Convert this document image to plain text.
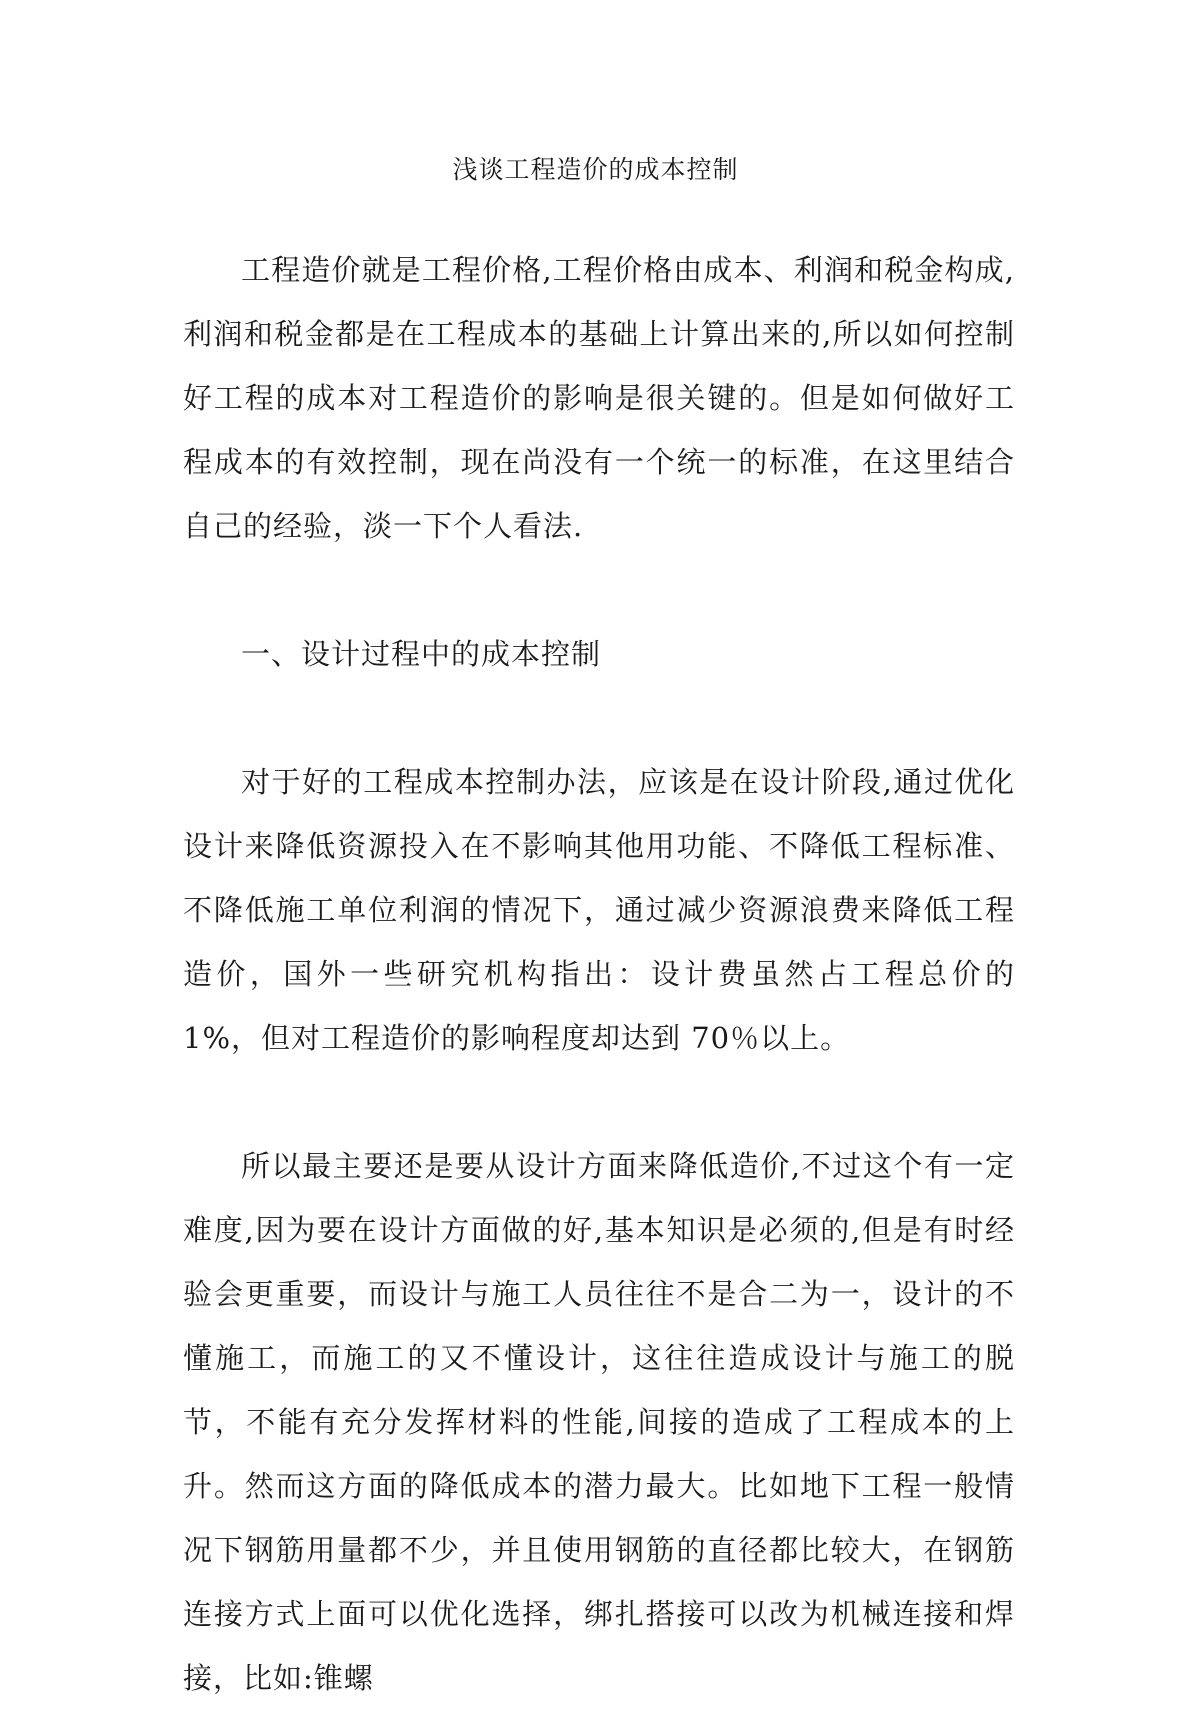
浅谈工程造价的成本控制

工程造价就是工程价格,工程价格由成本、利润和税金构成,利润和税金都是在工程成本的基础上计算出来的,所以如何控制好工程的成本对工程造价的影响是很关键的。但是如何做好工程成本的有效控制，现在尚没有一个统一的标准，在这里结合自己的经验，淡一下个人看法.

一、设计过程中的成本控制

对于好的工程成本控制办法，应该是在设计阶段,通过优化设计来降低资源投入在不影响其他用功能、不降低工程标准、不降低施工单位利润的情况下，通过减少资源浪费来降低工程造价，国外一些研究机构指出：设计费虽然占工程总价的 1%，但对工程造价的影响程度却达到 70％以上。

所以最主要还是要从设计方面来降低造价,不过这个有一定难度,因为要在设计方面做的好,基本知识是必须的,但是有时经验会更重要，而设计与施工人员往往不是合二为一，设计的不懂施工，而施工的又不懂设计，这往往造成设计与施工的脱节，不能有充分发挥材料的性能,间接的造成了工程成本的上升。然而这方面的降低成本的潜力最大。比如地下工程一般情况下钢筋用量都不少，并且使用钢筋的直径都比较大，在钢筋连接方式上面可以优化选择，绑扎搭接可以改为机械连接和焊接，比如:锥螺
